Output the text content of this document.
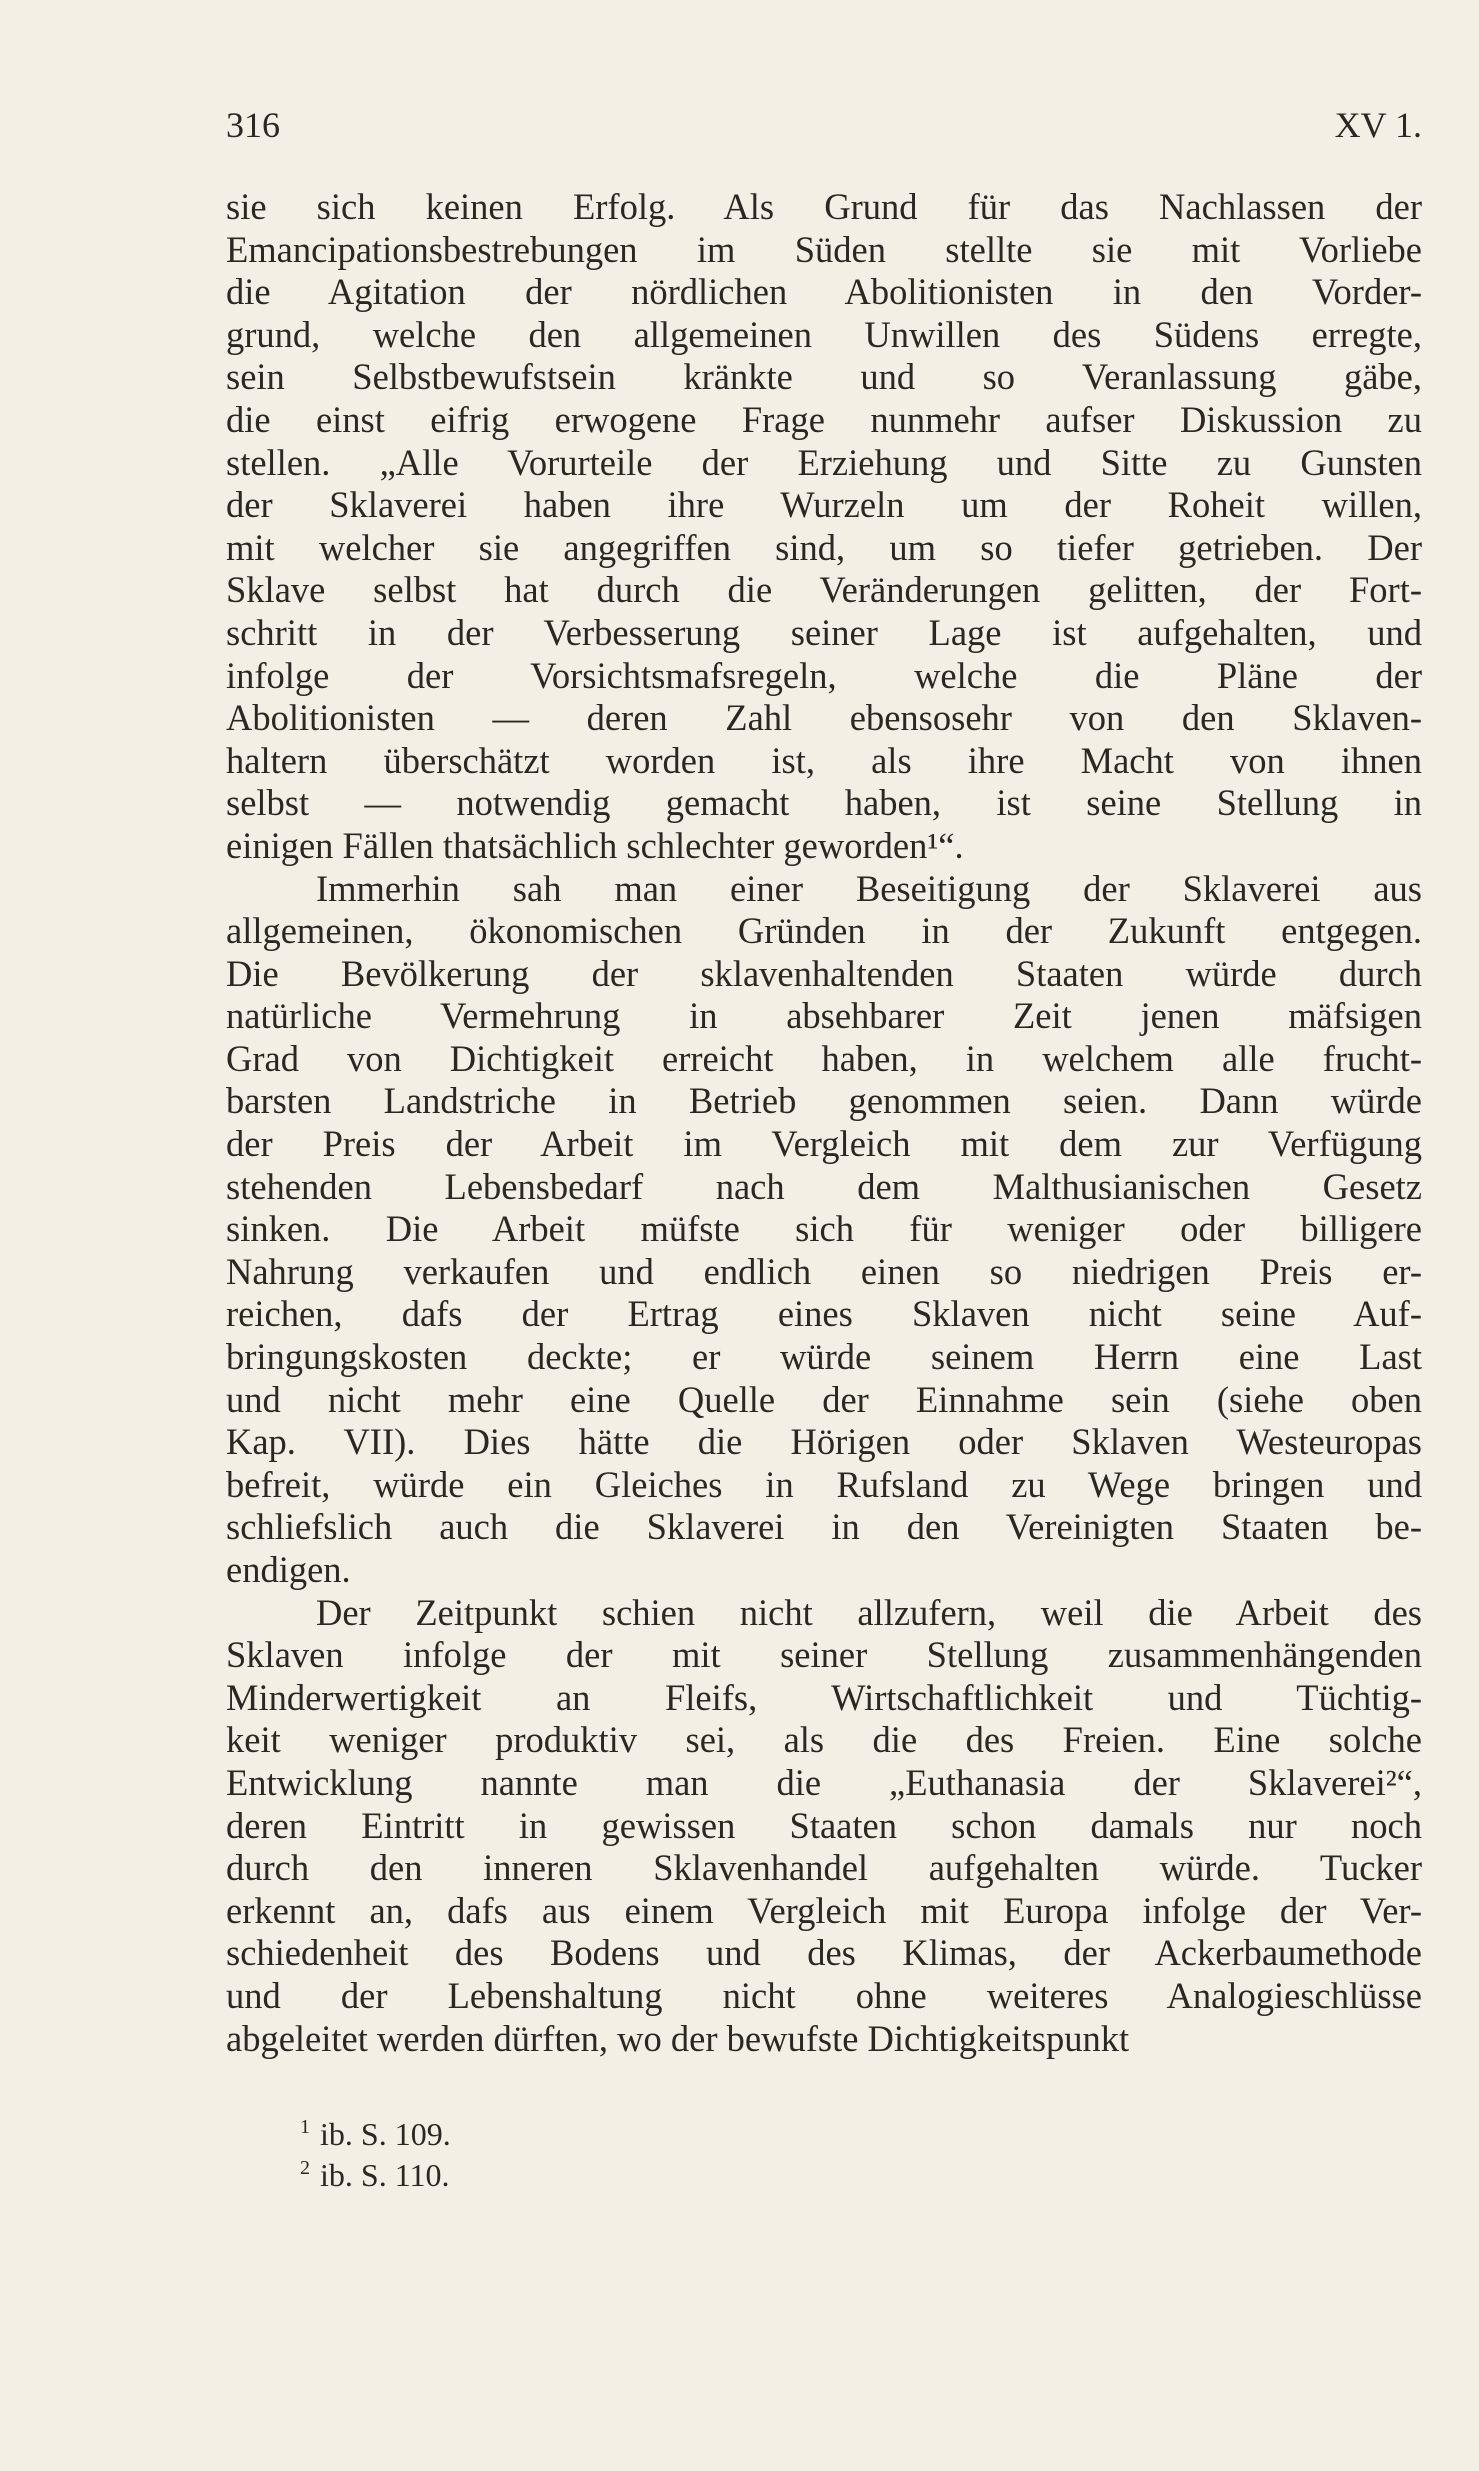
316	XV 1.
sie sich keinen Erfolg. Als Grund für das Nachlassen der
Emancipationsbestrebungen im Süden stellte sie mit Vorliebe
die Agitation der nördlichen Abolitionisten in den Vorder-
grund, welche den allgemeinen Unwillen des Südens erregte,
sein Selbstbewufstsein kränkte und so Veranlassung gäbe,
die einst eifrig erwogene Frage nunmehr aufser Diskussion zu
stellen. „Alle Vorurteile der Erziehung und Sitte zu Gunsten
der Sklaverei haben ihre Wurzeln um der Roheit willen,
mit welcher sie angegriffen sind, um so tiefer getrieben. Der
Sklave selbst hat durch die Veränderungen gelitten, der Fort-
schritt in der Verbesserung seiner Lage ist aufgehalten, und
infolge der Vorsichtsmafsregeln, welche die Pläne der
Abolitionisten — deren Zahl ebensosehr von den Sklaven-
haltern überschätzt worden ist, als ihre Macht von ihnen
selbst — notwendig gemacht haben, ist seine Stellung in
einigen Fällen thatsächlich schlechter geworden¹“.
Immerhin sah man einer Beseitigung der Sklaverei aus
allgemeinen, ökonomischen Gründen in der Zukunft entgegen.
Die Bevölkerung der sklavenhaltenden Staaten würde durch
natürliche Vermehrung in absehbarer Zeit jenen mäfsigen
Grad von Dichtigkeit erreicht haben, in welchem alle frucht-
barsten Landstriche in Betrieb genommen seien. Dann würde
der Preis der Arbeit im Vergleich mit dem zur Verfügung
stehenden Lebensbedarf nach dem Malthusianischen Gesetz
sinken. Die Arbeit müfste sich für weniger oder billigere
Nahrung verkaufen und endlich einen so niedrigen Preis er-
reichen, dafs der Ertrag eines Sklaven nicht seine Auf-
bringungskosten deckte; er würde seinem Herrn eine Last
und nicht mehr eine Quelle der Einnahme sein (siehe oben
Kap. VII). Dies hätte die Hörigen oder Sklaven Westeuropas
befreit, würde ein Gleiches in Rufsland zu Wege bringen und
schliefslich auch die Sklaverei in den Vereinigten Staaten be-
endigen.
Der Zeitpunkt schien nicht allzufern, weil die Arbeit des
Sklaven infolge der mit seiner Stellung zusammenhängenden
Minderwertigkeit an Fleifs, Wirtschaftlichkeit und Tüchtig-
keit weniger produktiv sei, als die des Freien. Eine solche
Entwicklung nannte man die „Euthanasia der Sklaverei²“,
deren Eintritt in gewissen Staaten schon damals nur noch
durch den inneren Sklavenhandel aufgehalten würde. Tucker
erkennt an, dafs aus einem Vergleich mit Europa infolge der Ver-
schiedenheit des Bodens und des Klimas, der Ackerbaumethode
und der Lebenshaltung nicht ohne weiteres Analogieschlüsse
abgeleitet werden dürften, wo der bewufste Dichtigkeitspunkt
$^1$ ib. S. 109.
$^2$ ib. S. 110.
